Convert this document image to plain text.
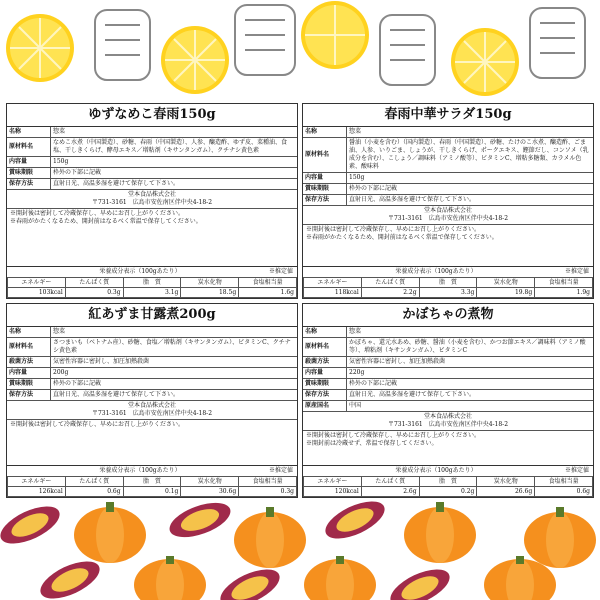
ゆずなめこ春雨150g
名称	惣菜
原材料名
なめこ水煮（中国製造）、砂糖、春雨（中国製造）、人参、醸造酢、ゆず皮、菜種油、食塩、干しきくらげ、酵母エキス／増粘剤（キサンタンガム）、クチナシ黄色素
内容量	150g
賞味期限	枠外の下部に記載
保存方法	直射日光、高温多湿を避けて保存して下さい。
堂本食品株式会社
〒731-3161　広島市安佐南区伴中央4-18-2
※開封後は密封して冷蔵保存し、早めにお召し上がりください。
※春雨がかたくなるため、開封前はなるべく常温で保存してください。
栄養成分表示（100gあたり）	※推定値
エネルギー	たんぱく質	脂　質	炭水化物	食塩相当量
103kcal	0.3g	3.1g	18.5g	1.6g
春雨中華サラダ150g
名称	惣菜
原材料名
醤油（小麦を含む）（国内製造）、春雨（中国製造）、砂糖、たけのこ水煮、醸造酢、ごま油、人参、いりごま、しょうが、干しきくらげ、ポークエキス、鰹節だし、コンソメ（乳成分を含む）、こしょう／調味料（アミノ酸等）、ビタミンC、増粘多糖類、カラメル色素、酸味料
内容量	150g
賞味期限	枠外の下部に記載
保存方法	直射日光、高温多湿を避けて保存して下さい。
堂本食品株式会社
〒731-3161　広島市安佐南区伴中央4-18-2
※開封後は密封して冷蔵保存し、早めにお召し上がりください。
※春雨がかたくなるため、開封前はなるべく常温で保存してください。
栄養成分表示（100gあたり）	※推定値
エネルギー	たんぱく質	脂　質	炭水化物	食塩相当量
118kcal	2.2g	3.3g	19.8g	1.9g
紅あずま甘露煮200g
名称	惣菜
原材料名
さつまいも（ベトナム産）、砂糖、食塩／増粘剤（キサンタンガム）、ビタミンC、クチナシ黄色素
殺菌方法	気密性容器に密封し、加圧加熱殺菌
内容量	200g
賞味期限	枠外の下部に記載
保存方法	直射日光、高温多湿を避けて保存して下さい。
堂本食品株式会社
〒731-3161　広島市安佐南区伴中央4-18-2
※開封後は密封して冷蔵保存し、早めにお召し上がりください。
栄養成分表示（100gあたり）	※推定値
エネルギー	たんぱく質	脂　質	炭水化物	食塩相当量
126kcal	0.6g	0.1g	30.6g	0.3g
かぼちゃの煮物
名称	惣菜
原材料名
かぼちゃ、還元水あめ、砂糖、醤油（小麦を含む）、かつお節エキス／調味料（アミノ酸等）、増粘剤（キサンタンガム）、ビタミンC
殺菌方法	気密性容器に密封し、加圧加熱殺菌
内容量	220g
賞味期限	枠外の下部に記載
保存方法	直射日光、高温多湿を避けて保存して下さい。
原産国名	中国
堂本食品株式会社
〒731-3161　広島市安佐南区伴中央4-18-2
※開封後は密封して冷蔵保存し、早めにお召し上がりください。
※開封前は冷蔵せず、常温で保存してください。
栄養成分表示（100gあたり）	※推定値
エネルギー	たんぱく質	脂　質	炭水化物	食塩相当量
120kcal	2.6g	0.2g	26.6g	0.6g
